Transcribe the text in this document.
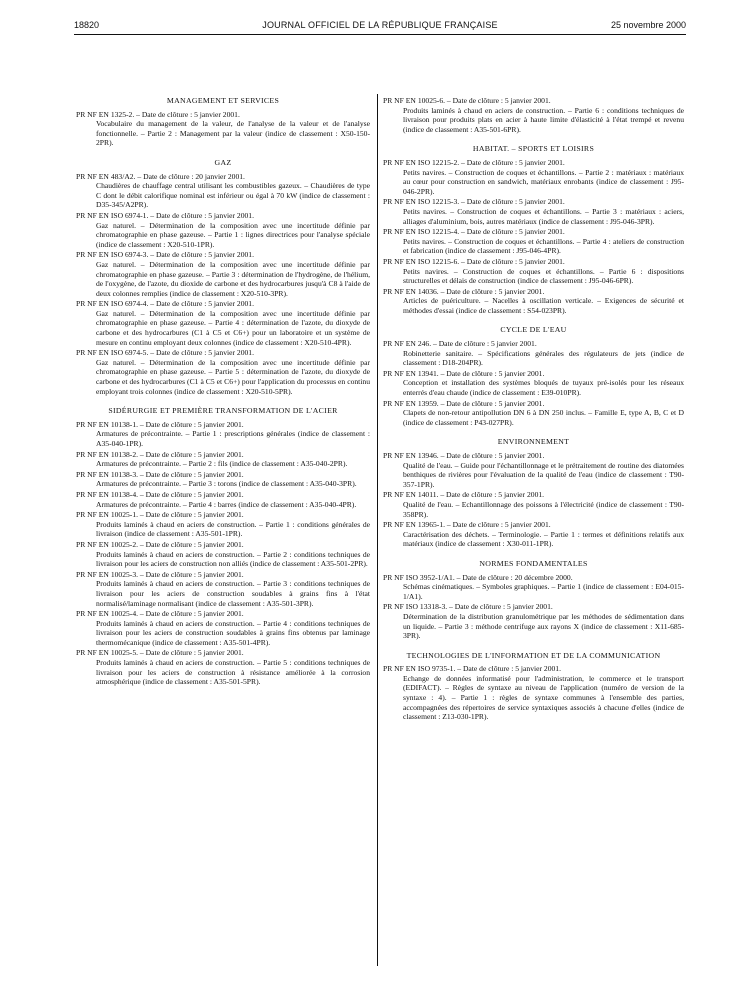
18820	JOURNAL OFFICIEL DE LA RÉPUBLIQUE FRANÇAISE	25 novembre 2000
MANAGEMENT ET SERVICES

PR NF EN 1325-2. – Date de clôture : 5 janvier 2001.

Vocabulaire du management de la valeur, de l'analyse de la valeur et de l'analyse fonctionnelle. – Partie 2 : Management par la valeur (indice de classement : X50-150-2PR).

GAZ

PR NF EN 483/A2. – Date de clôture : 20 janvier 2001.

Chaudières de chauffage central utilisant les combustibles gazeux. – Chaudières de type C dont le débit calorifique nominal est inférieur ou égal à 70 kW (indice de classement : D35-345/A2PR).

PR NF EN ISO 6974-1. – Date de clôture : 5 janvier 2001.

Gaz naturel. – Détermination de la composition avec une incertitude définie par chromatographie en phase gazeuse. – Partie 1 : lignes directrices pour l'analyse spéciale (indice de classement : X20-510-1PR).

PR NF EN ISO 6974-3. – Date de clôture : 5 janvier 2001.

Gaz naturel. – Détermination de la composition avec une incertitude définie par chromatographie en phase gazeuse. – Partie 3 : détermination de l'hydrogène, de l'hélium, de l'oxygène, de l'azote, du dioxide de carbone et des hydrocarbures jusqu'à C8 à l'aide de deux colonnes remplies (indice de classement : X20-510-3PR).

PR NF EN ISO 6974-4. – Date de clôture : 5 janvier 2001.

Gaz naturel. – Détermination de la composition avec une incertitude définie par chromatographie en phase gazeuse. – Partie 4 : détermination de l'azote, du dioxyde de carbone et des hydrocarbures (C1 à C5 et C6+) pour un laboratoire et un système de mesure en continu employant deux colonnes (indice de classement : X20-510-4PR).

PR NF EN ISO 6974-5. – Date de clôture : 5 janvier 2001.

Gaz naturel. – Détermination de la composition avec une incertitude définie par chromatographie en phase gazeuse. – Partie 5 : détermination de l'azote, du dioxyde de carbone et des hydrocarbures (C1 à C5 et C6+) pour l'application du processus en continu employant trois colonnes (indice de classement : X20-510-5PR).

SIDÉRURGIE ET PREMIÈRE TRANSFORMATION DE L'ACIER

PR NF EN 10138-1. – Date de clôture : 5 janvier 2001.

Armatures de précontrainte. – Partie 1 : prescriptions générales (indice de classement : A35-040-1PR).

PR NF EN 10138-2. – Date de clôture : 5 janvier 2001.

Armatures de précontrainte. – Partie 2 : fils (indice de classement : A35-040-2PR).

PR NF EN 10138-3. – Date de clôture : 5 janvier 2001.

Armatures de précontrainte. – Partie 3 : torons (indice de classement : A35-040-3PR).

PR NF EN 10138-4. – Date de clôture : 5 janvier 2001.

Armatures de précontrainte. – Partie 4 : barres (indice de classement : A35-040-4PR).

PR NF EN 10025-1. – Date de clôture : 5 janvier 2001.

Produits laminés à chaud en aciers de construction. – Partie 1 : conditions générales de livraison (indice de classement : A35-501-1PR).

PR NF EN 10025-2. – Date de clôture : 5 janvier 2001.

Produits laminés à chaud en aciers de construction. – Partie 2 : conditions techniques de livraison pour les aciers de construction non alliés (indice de classement : A35-501-2PR).

PR NF EN 10025-3. – Date de clôture : 5 janvier 2001.

Produits laminés à chaud en aciers de construction. – Partie 3 : conditions techniques de livraison pour les aciers de construction soudables à grains fins à l'état normalisé/laminage normalisant (indice de classement : A35-501-3PR).

PR NF EN 10025-4. – Date de clôture : 5 janvier 2001.

Produits laminés à chaud en aciers de construction. – Partie 4 : conditions techniques de livraison pour les aciers de construction soudables à grains fins obtenus par laminage thermomécanique (indice de classement : A35-501-4PR).

PR NF EN 10025-5. – Date de clôture : 5 janvier 2001.

Produits laminés à chaud en aciers de construction. – Partie 5 : conditions techniques de livraison pour les aciers de construction à résistance améliorée à la corrosion atmosphérique (indice de classement : A35-501-5PR).

PR NF EN 10025-6. – Date de clôture : 5 janvier 2001.

Produits laminés à chaud en aciers de construction. – Partie 6 : conditions techniques de livraison pour produits plats en acier à haute limite d'élasticité à l'état trempé et revenu (indice de classement : A35-501-6PR).

HABITAT. – SPORTS ET LOISIRS

PR NF EN ISO 12215-2. – Date de clôture : 5 janvier 2001.

Petits navires. – Construction de coques et échantillons. – Partie 2 : matériaux : matériaux au cœur pour construction en sandwich, matériaux enrobants (indice de classement : J95-046-2PR).

PR NF EN ISO 12215-3. – Date de clôture : 5 janvier 2001.

Petits navires. – Construction de coques et échantillons. – Partie 3 : matériaux : aciers, alliages d'aluminium, bois, autres matériaux (indice de classement : J95-046-3PR).

PR NF EN ISO 12215-4. – Date de clôture : 5 janvier 2001.

Petits navires. – Construction de coques et échantillons. – Partie 4 : ateliers de construction et fabrication (indice de classement : J95-046-4PR).

PR NF EN ISO 12215-6. – Date de clôture : 5 janvier 2001.

Petits navires. – Construction de coques et échantillons. – Partie 6 : dispositions structurelles et délais de construction (indice de classement : J95-046-6PR).

PR NF EN 14036. – Date de clôture : 5 janvier 2001.

Articles de puériculture. – Nacelles à oscillation verticale. – Exigences de sécurité et méthodes d'essai (indice de classement : S54-023PR).

CYCLE DE L'EAU

PR NF EN 246. – Date de clôture : 5 janvier 2001.

Robinetterie sanitaire. – Spécifications générales des régulateurs de jets (indice de classement : D18-204PR).

PR NF EN 13941. – Date de clôture : 5 janvier 2001.

Conception et installation des systèmes bloqués de tuyaux pré-isolés pour les réseaux enterrés d'eau chaude (indice de classement : E39-010PR).

PR NF EN 13959. – Date de clôture : 5 janvier 2001.

Clapets de non-retour antipollution DN 6 à DN 250 inclus. – Famille E, type A, B, C et D (indice de classement : P43-027PR).

ENVIRONNEMENT

PR NF EN 13946. – Date de clôture : 5 janvier 2001.

Qualité de l'eau. – Guide pour l'échantillonnage et le prétraitement de routine des diatomées benthiques de rivières pour l'évaluation de la qualité de l'eau (indice de classement : T90-357-1PR).

PR NF EN 14011. – Date de clôture : 5 janvier 2001.

Qualité de l'eau. – Echantillonnage des poissons à l'électricité (indice de classement : T90-358PR).

PR NF EN 13965-1. – Date de clôture : 5 janvier 2001.

Caractérisation des déchets. – Terminologie. – Partie 1 : termes et définitions relatifs aux matériaux (indice de classement : X30-011-1PR).

NORMES FONDAMENTALES

PR NF ISO 3952-1/A1. – Date de clôture : 20 décembre 2000.

Schémas cinématiques. – Symboles graphiques. – Partie 1 (indice de classement : E04-015-1/A1).

PR NF ISO 13318-3. – Date de clôture : 5 janvier 2001.

Détermination de la distribution granulométrique par les méthodes de sédimentation dans un liquide. – Partie 3 : méthode centrifuge aux rayons X (indice de classement : X11-685-3PR).

TECHNOLOGIES DE L'INFORMATION ET DE LA COMMUNICATION

PR NF EN ISO 9735-1. – Date de clôture : 5 janvier 2001.

Echange de données informatisé pour l'administration, le commerce et le transport (EDIFACT). – Règles de syntaxe au niveau de l'application (numéro de version de la syntaxe : 4). – Partie 1 : règles de syntaxe communes à l'ensemble des parties, accompagnées des répertoires de service syntaxiques associés à chacune d'elles (indice de classement : Z13-030-1PR).
